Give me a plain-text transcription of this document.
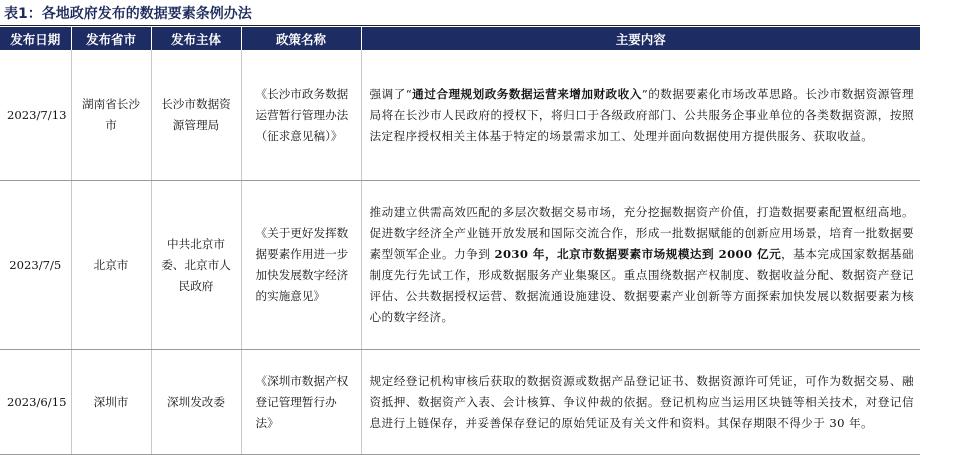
表1：各地政府发布的数据要素条例办法
发布日期	发布省市	发布主体	政策名称	主要内容
2023/7/13	湖南省长沙市	长沙市数据资源管理局	《长沙市政务数据运营暂行管理办法（征求意见稿）》	强调了“通过合理规划政务数据运营来增加财政收入”的数据要素化市场改革思路。长沙市数据资源管理局将在长沙市人民政府的授权下，将归口于各级政府部门、公共服务企事业单位的各类数据资源，按照法定程序授权相关主体基于特定的场景需求加工、处理并面向数据使用方提供服务、获取收益。
2023/7/5	北京市	中共北京市委、北京市人民政府	《关于更好发挥数据要素作用进一步加快发展数字经济的实施意见》	推动建立供需高效匹配的多层次数据交易市场，充分挖掘数据资产价值，打造数据要素配置枢纽高地。促进数字经济全产业链开放发展和国际交流合作，形成一批数据赋能的创新应用场景，培育一批数据要素型领军企业。力争到 2030 年，北京市数据要素市场规模达到 2000 亿元，基本完成国家数据基础制度先行先试工作，形成数据服务产业集聚区。重点围绕数据产权制度、数据收益分配、数据资产登记评估、公共数据授权运营、数据流通设施建设、数据要素产业创新等方面探索加快发展以数据要素为核心的数字经济。
2023/6/15	深圳市	深圳发改委	《深圳市数据产权登记管理暂行办法》	规定经登记机构审核后获取的数据资源或数据产品登记证书、数据资源许可凭证，可作为数据交易、融资抵押、数据资产入表、会计核算、争议仲裁的依据。登记机构应当运用区块链等相关技术，对登记信息进行上链保存，并妥善保存登记的原始凭证及有关文件和资料。其保存期限不得少于 30 年。
